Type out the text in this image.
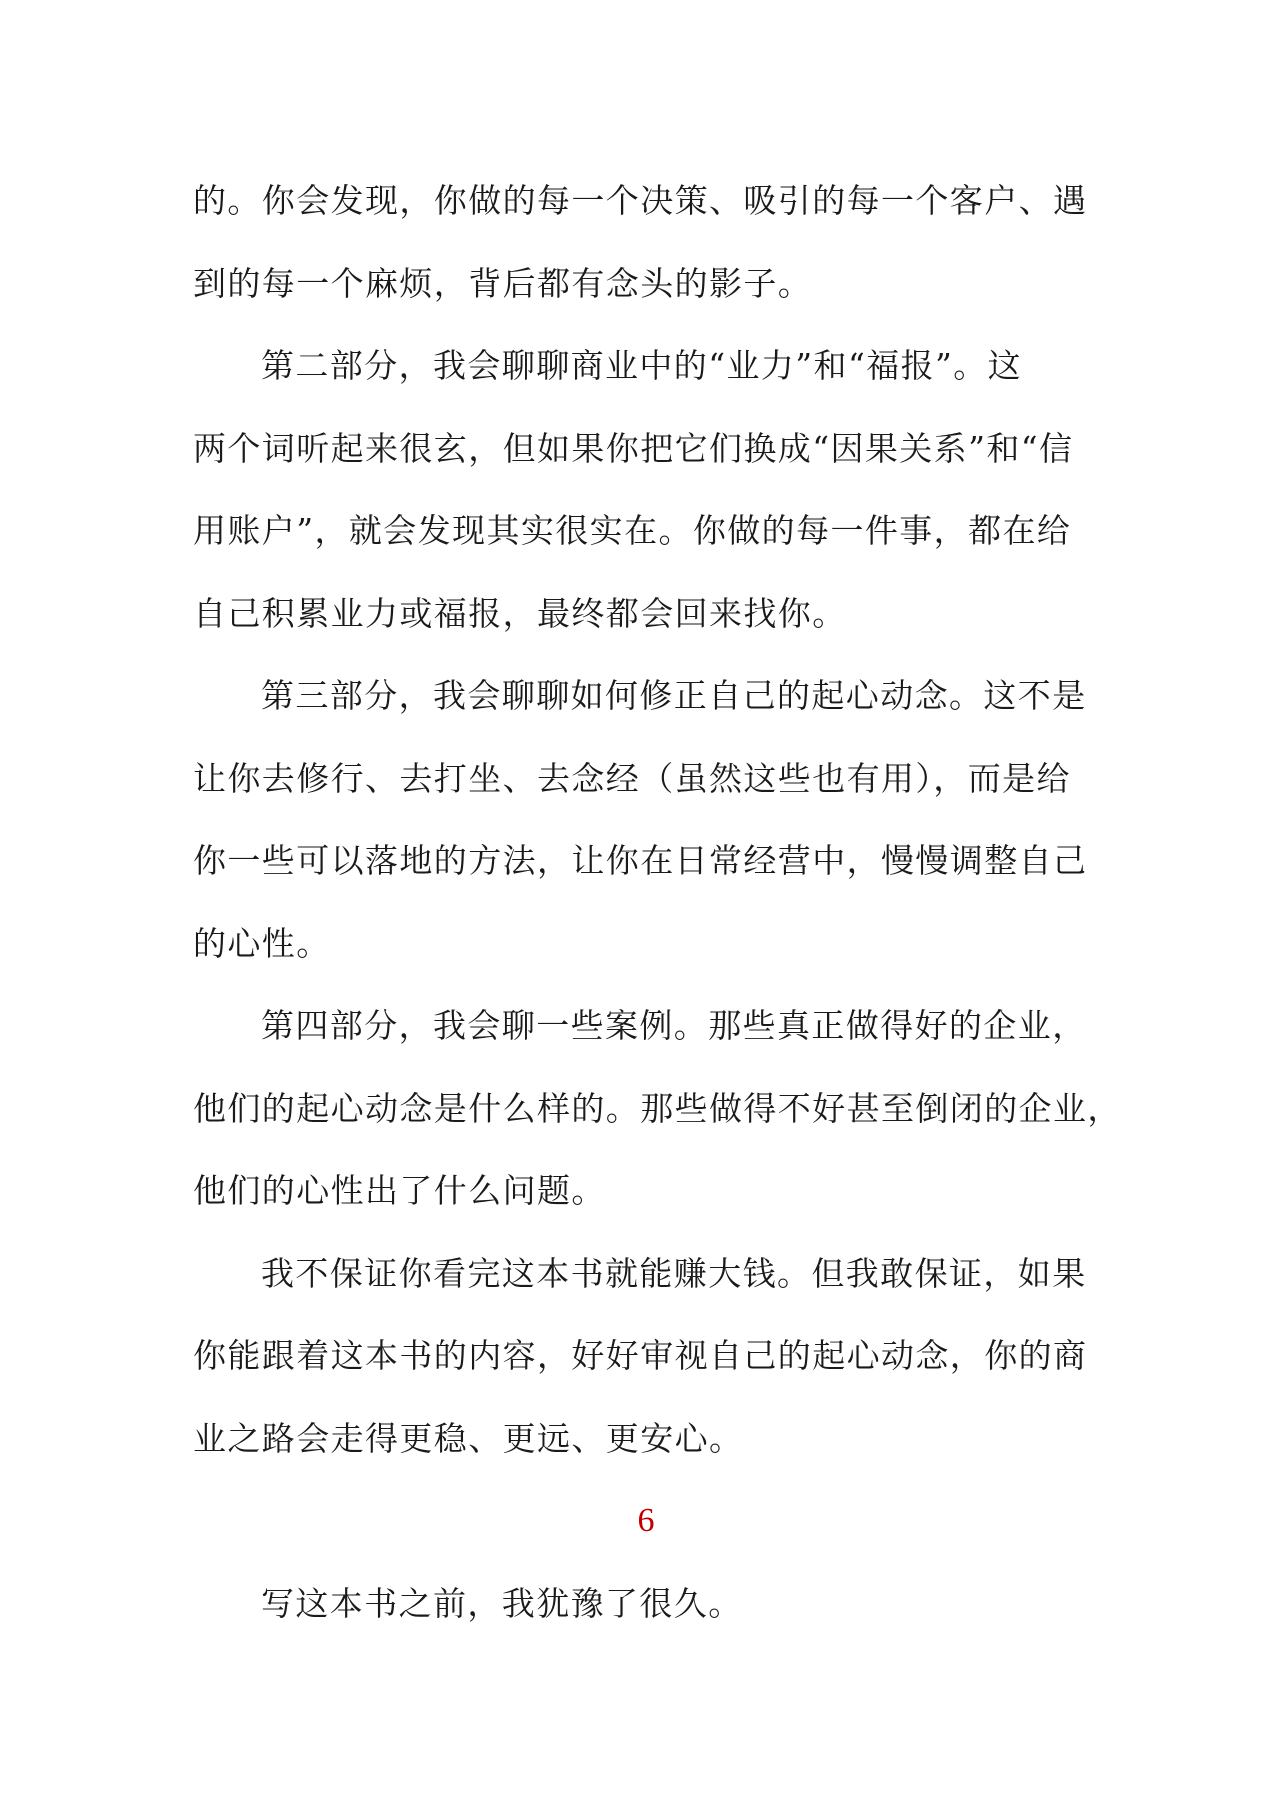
的。你会发现，你做的每一个决策、吸引的每一个客户、遇
到的每一个麻烦，背后都有念头的影子。

第二部分，我会聊聊商业中的“业力”和“福报”。这
两个词听起来很玄，但如果你把它们换成“因果关系”和“信
用账户”，就会发现其实很实在。你做的每一件事，都在给
自己积累业力或福报，最终都会回来找你。

第三部分，我会聊聊如何修正自己的起心动念。这不是
让你去修行、去打坐、去念经（虽然这些也有用），而是给
你一些可以落地的方法，让你在日常经营中，慢慢调整自己
的心性。

第四部分，我会聊一些案例。那些真正做得好的企业，
他们的起心动念是什么样的。那些做得不好甚至倒闭的企业，
他们的心性出了什么问题。

我不保证你看完这本书就能赚大钱。但我敢保证，如果
你能跟着这本书的内容，好好审视自己的起心动念，你的商
业之路会走得更稳、更远、更安心。

6

写这本书之前，我犹豫了很久。
